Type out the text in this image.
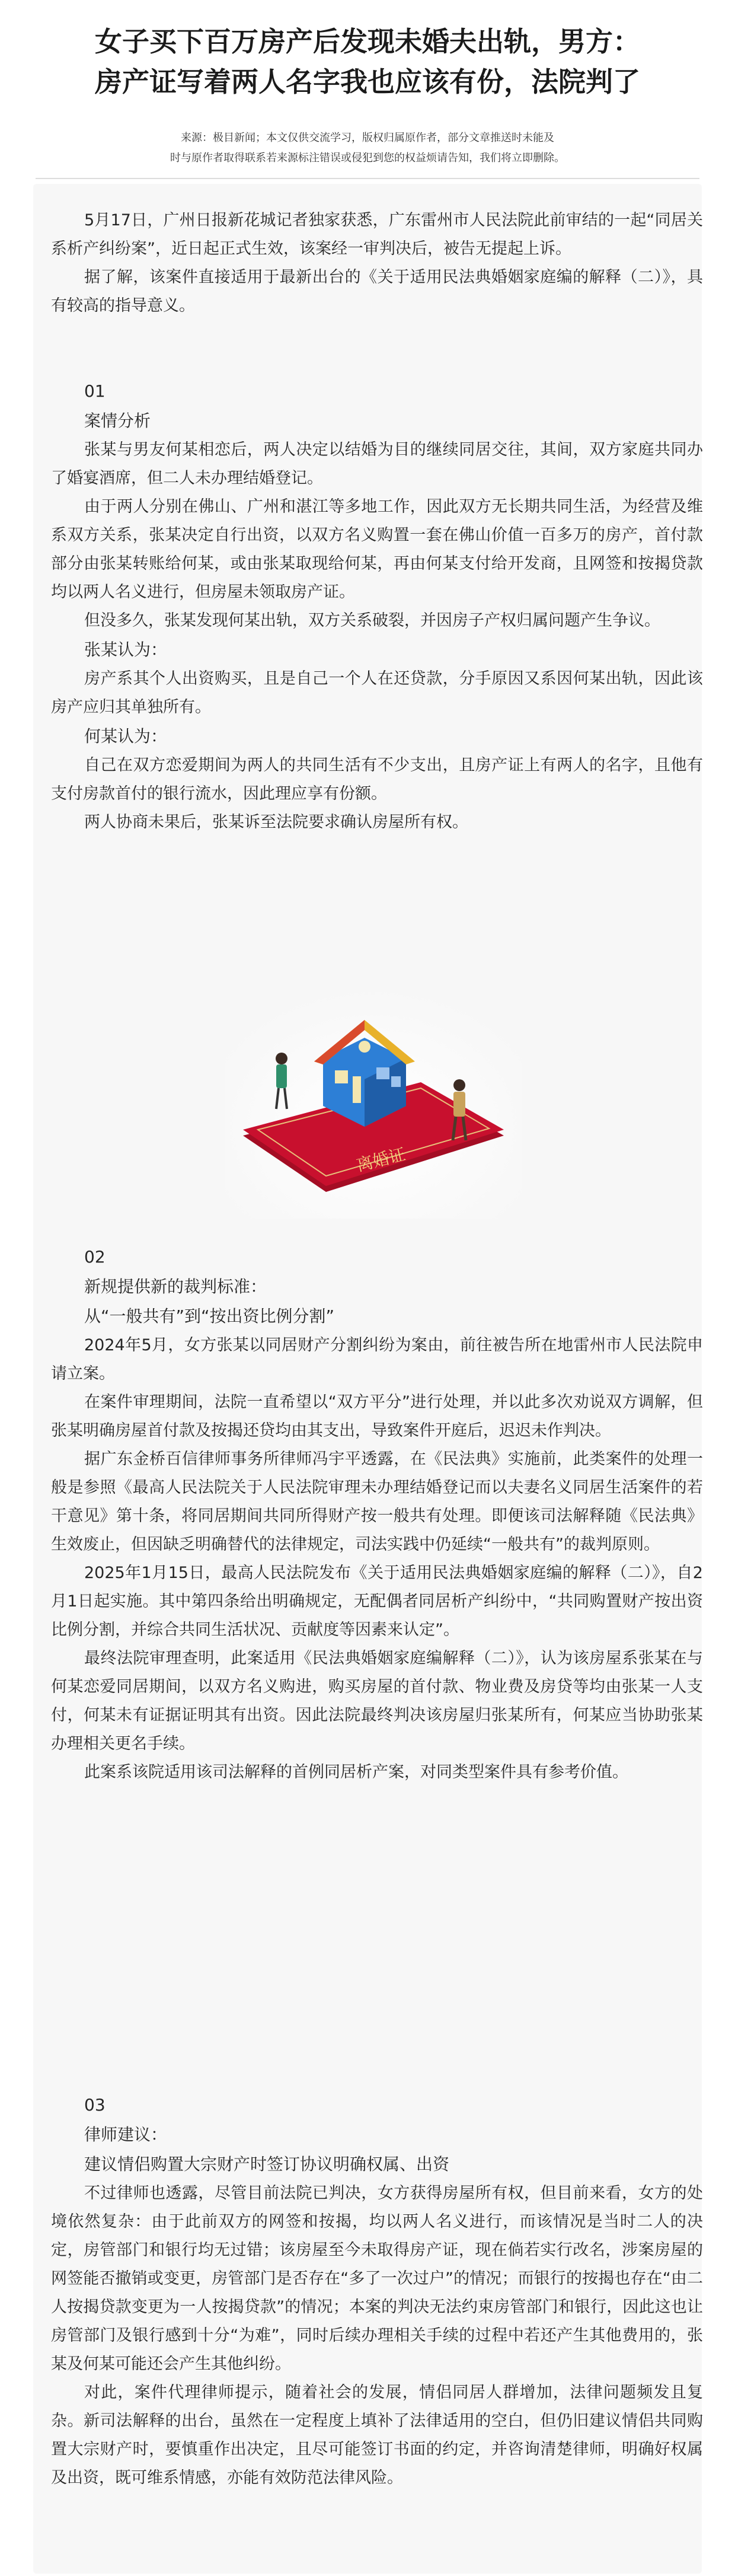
女子买下百万房产后发现未婚夫出轨，男方：
房产证写着两人名字我也应该有份，法院判了
来源：极目新闻；本文仅供交流学习，版权归属原作者，部分文章推送时未能及
时与原作者取得联系若来源标注错误或侵犯到您的权益烦请告知，我们将立即删除。

5月17日，广州日报新花城记者独家获悉，广东雷州市人民法院此前审结的一起“同居关系析产纠纷案”，近日起正式生效，该案经一审判决后，被告无提起上诉。

据了解，该案件直接适用于最新出台的《关于适用民法典婚姻家庭编的解释（二）》，具有较高的指导意义。

01

案情分析

张某与男友何某相恋后，两人决定以结婚为目的继续同居交往，其间，双方家庭共同办了婚宴酒席，但二人未办理结婚登记。

由于两人分别在佛山、广州和湛江等多地工作，因此双方无长期共同生活，为经营及维系双方关系，张某决定自行出资，以双方名义购置一套在佛山价值一百多万的房产，首付款部分由张某转账给何某，或由张某取现给何某，再由何某支付给开发商，且网签和按揭贷款均以两人名义进行，但房屋未领取房产证。

但没多久，张某发现何某出轨，双方关系破裂，并因房子产权归属问题产生争议。

张某认为：

房产系其个人出资购买，且是自己一个人在还贷款，分手原因又系因何某出轨，因此该房产应归其单独所有。

何某认为：

自己在双方恋爱期间为两人的共同生活有不少支出，且房产证上有两人的名字，且他有支付房款首付的银行流水，因此理应享有份额。

两人协商未果后，张某诉至法院要求确认房屋所有权。

离婚证

02

新规提供新的裁判标准：

从“一般共有”到“按出资比例分割”

2024年5月，女方张某以同居财产分割纠纷为案由，前往被告所在地雷州市人民法院申请立案。

在案件审理期间，法院一直希望以“双方平分”进行处理，并以此多次劝说双方调解，但张某明确房屋首付款及按揭还贷均由其支出，导致案件开庭后，迟迟未作判决。

据广东金桥百信律师事务所律师冯宇平透露，在《民法典》实施前，此类案件的处理一般是参照《最高人民法院关于人民法院审理未办理结婚登记而以夫妻名义同居生活案件的若干意见》第十条，将同居期间共同所得财产按一般共有处理。即便该司法解释随《民法典》生效废止，但因缺乏明确替代的法律规定，司法实践中仍延续“一般共有”的裁判原则。

2025年1月15日，最高人民法院发布《关于适用民法典婚姻家庭编的解释（二）》，自2月1日起实施。其中第四条给出明确规定，无配偶者同居析产纠纷中，“共同购置财产按出资比例分割，并综合共同生活状况、贡献度等因素来认定”。

最终法院审理查明，此案适用《民法典婚姻家庭编解释（二）》，认为该房屋系张某在与何某恋爱同居期间，以双方名义购进，购买房屋的首付款、物业费及房贷等均由张某一人支付，何某未有证据证明其有出资。因此法院最终判决该房屋归张某所有，何某应当协助张某办理相关更名手续。

此案系该院适用该司法解释的首例同居析产案，对同类型案件具有参考价值。

03

律师建议：

建议情侣购置大宗财产时签订协议明确权属、出资

不过律师也透露，尽管目前法院已判决，女方获得房屋所有权，但目前来看，女方的处境依然复杂：由于此前双方的网签和按揭，均以两人名义进行，而该情况是当时二人的决定，房管部门和银行均无过错；该房屋至今未取得房产证，现在倘若实行改名，涉案房屋的网签能否撤销或变更，房管部门是否存在“多了一次过户”的情况；而银行的按揭也存在“由二人按揭贷款变更为一人按揭贷款”的情况；本案的判决无法约束房管部门和银行，因此这也让房管部门及银行感到十分“为难”，同时后续办理相关手续的过程中若还产生其他费用的，张某及何某可能还会产生其他纠纷。

对此，案件代理律师提示，随着社会的发展，情侣同居人群增加，法律问题频发且复杂。新司法解释的出台，虽然在一定程度上填补了法律适用的空白，但仍旧建议情侣共同购置大宗财产时，要慎重作出决定，且尽可能签订书面的约定，并咨询清楚律师，明确好权属及出资，既可维系情感，亦能有效防范法律风险。
